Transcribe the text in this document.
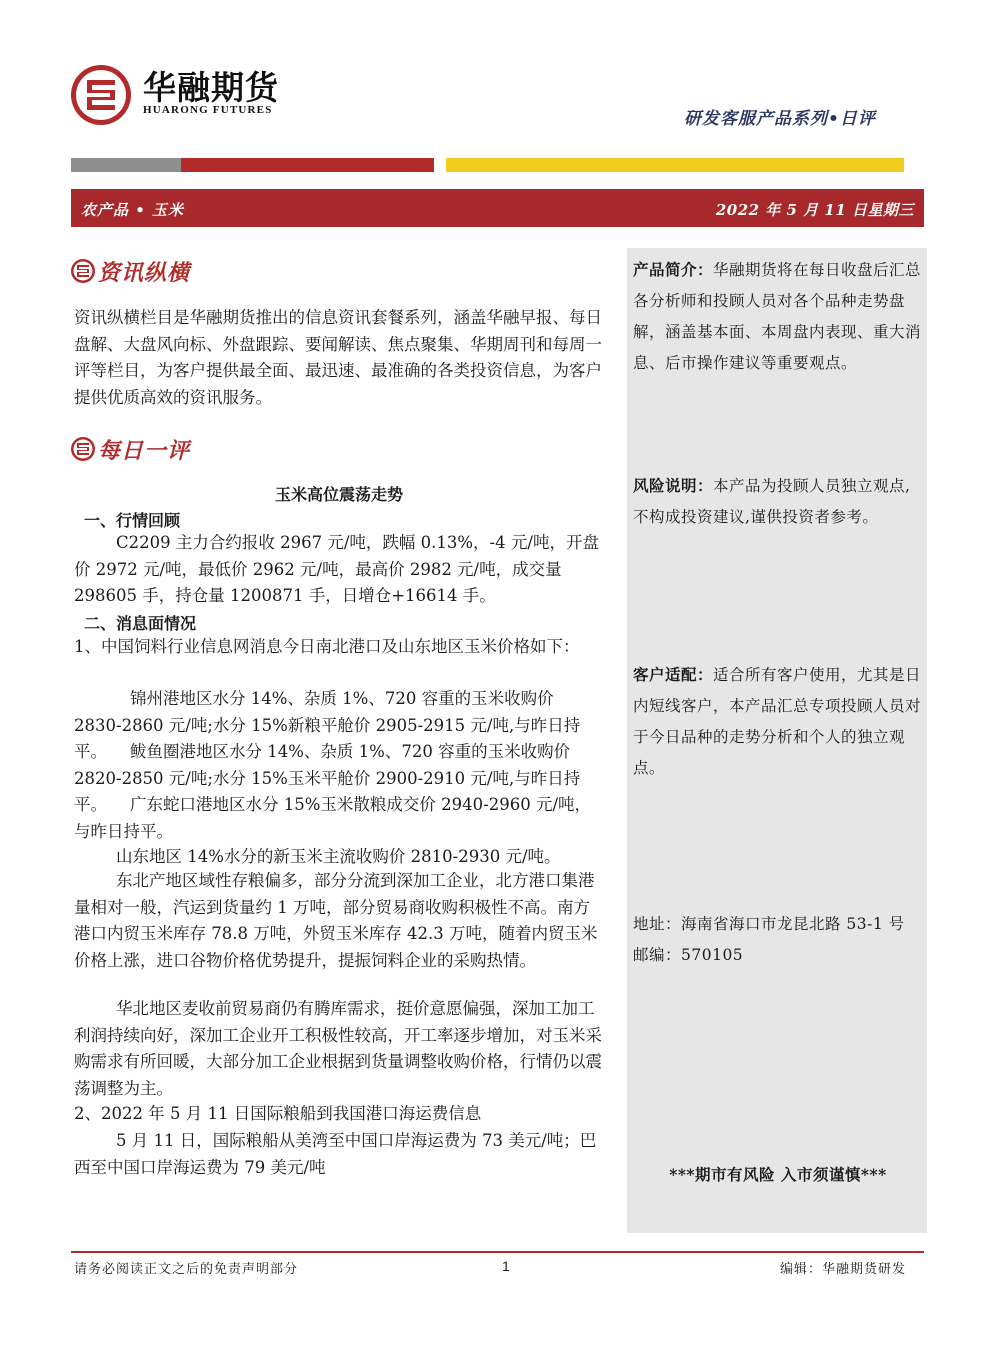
华融期货
HUARONG FUTURES	研发客服产品系列•日评
农产品 • 玉米	2022 年 5 月 11 日星期三
资讯纵横
资讯纵横栏目是华融期货推出的信息资讯套餐系列，涵盖华融早报、每日盘解、大盘风向标、外盘跟踪、要闻解读、焦点聚集、华期周刊和每周一评等栏目，为客户提供最全面、最迅速、最准确的各类投资信息，为客户提供优质高效的资讯服务。
每日一评
玉米高位震荡走势
一、行情回顾
C2209 主力合约报收 2967 元/吨，跌幅 0.13%，-4 元/吨，开盘价 2972 元/吨，最低价 2962 元/吨，最高价 2982 元/吨，成交量 298605 手，持仓量 1200871 手，日增仓+16614 手。
二、消息面情况
1、中国饲料行业信息网消息今日南北港口及山东地区玉米价格如下：
锦州港地区水分 14%、杂质 1%、720 容重的玉米收购价 2830-2860 元/吨;水分 15%新粮平舱价 2905-2915 元/吨,与昨日持平。	鲅鱼圈港地区水分 14%、杂质 1%、720 容重的玉米收购价 2820-2850 元/吨;水分 15%玉米平舱价 2900-2910 元/吨,与昨日持平。	广东蛇口港地区水分 15%玉米散粮成交价 2940-2960 元/吨，与昨日持平。
山东地区 14%水分的新玉米主流收购价 2810-2930 元/吨。
东北产地区域性存粮偏多，部分分流到深加工企业，北方港口集港量相对一般，汽运到货量约 1 万吨，部分贸易商收购积极性不高。南方港口内贸玉米库存 78.8 万吨，外贸玉米库存 42.3 万吨，随着内贸玉米价格上涨，进口谷物价格优势提升，提振饲料企业的采购热情。
华北地区麦收前贸易商仍有腾库需求，挺价意愿偏强，深加工加工利润持续向好，深加工企业开工积极性较高，开工率逐步增加，对玉米采购需求有所回暖，大部分加工企业根据到货量调整收购价格，行情仍以震荡调整为主。
2、2022 年 5 月 11 日国际粮船到我国港口海运费信息
5 月 11 日，国际粮船从美湾至中国口岸海运费为 73 美元/吨；巴西至中国口岸海运费为 79 美元/吨
产品简介：华融期货将在每日收盘后汇总各分析师和投顾人员对各个品种走势盘解，涵盖基本面、本周盘内表现、重大消息、后市操作建议等重要观点。
风险说明：本产品为投顾人员独立观点,不构成投资建议,谨供投资者参考。
客户适配：适合所有客户使用，尤其是日内短线客户，本产品汇总专项投顾人员对于今日品种的走势分析和个人的独立观点。
地址：海南省海口市龙昆北路 53-1 号
邮编：570105
***期市有风险 入市须谨慎***
请务必阅读正文之后的免责声明部分	1	编辑：华融期货研发
